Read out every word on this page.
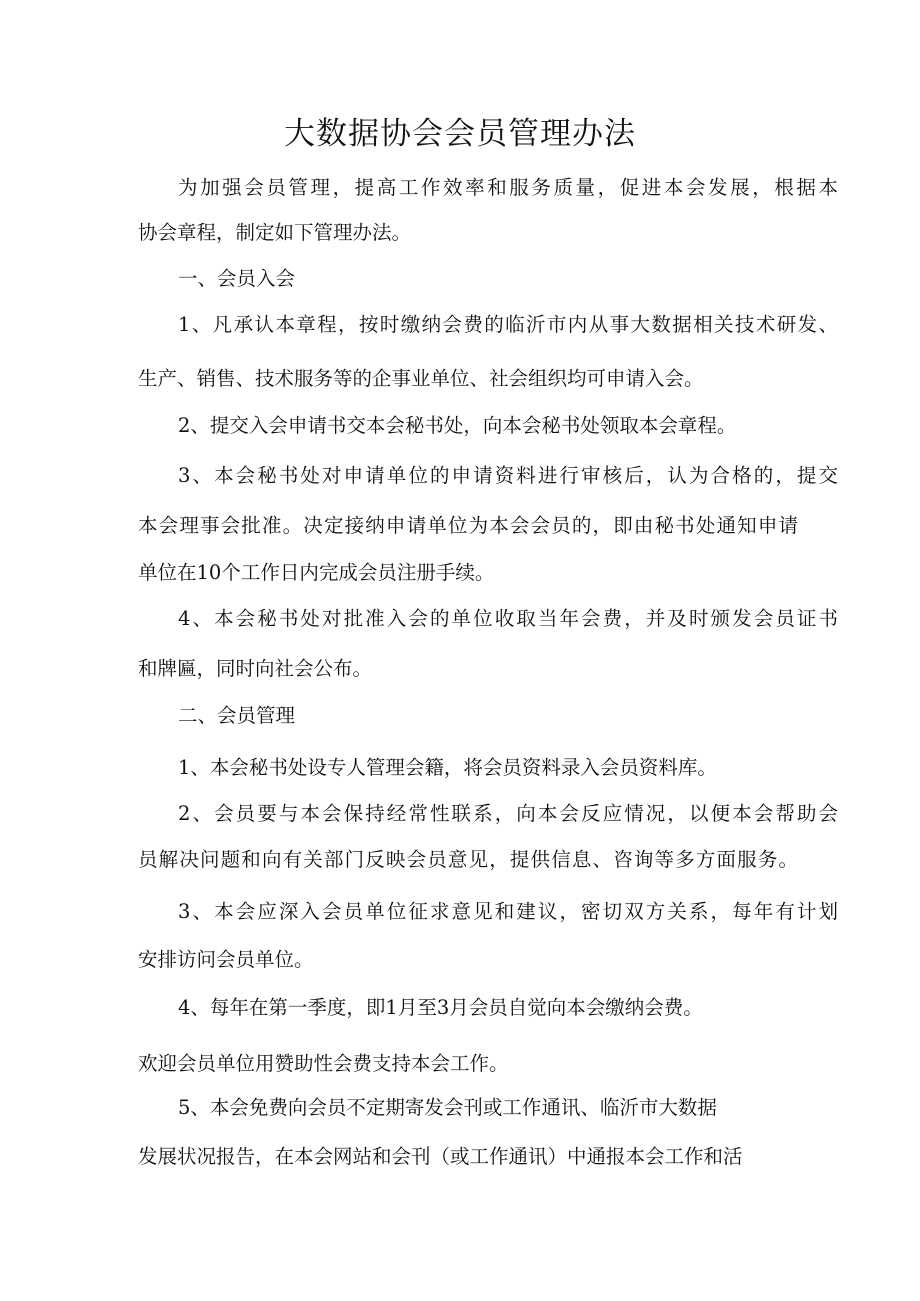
大数据协会会员管理办法
为加强会员管理，提高工作效率和服务质量，促进本会发展，根据本
协会章程，制定如下管理办法。
一、会员入会
1、凡承认本章程，按时缴纳会费的临沂市内从事大数据相关技术研发、
生产、销售、技术服务等的企事业单位、社会组织均可申请入会。
2、提交入会申请书交本会秘书处，向本会秘书处领取本会章程。
3、本会秘书处对申请单位的申请资料进行审核后，认为合格的，提交
本会理事会批准。决定接纳申请单位为本会会员的，即由秘书处通知申请
单位在10个工作日内完成会员注册手续。
4、本会秘书处对批准入会的单位收取当年会费，并及时颁发会员证书
和牌匾，同时向社会公布。
二、会员管理
1、本会秘书处设专人管理会籍，将会员资料录入会员资料库。
2、会员要与本会保持经常性联系，向本会反应情况，以便本会帮助会
员解决问题和向有关部门反映会员意见，提供信息、咨询等多方面服务。
3、本会应深入会员单位征求意见和建议，密切双方关系，每年有计划
安排访问会员单位。
4、每年在第一季度，即1月至3月会员自觉向本会缴纳会费。
欢迎会员单位用赞助性会费支持本会工作。
5、本会免费向会员不定期寄发会刊或工作通讯、临沂市大数据
发展状况报告，在本会网站和会刊（或工作通讯）中通报本会工作和活
